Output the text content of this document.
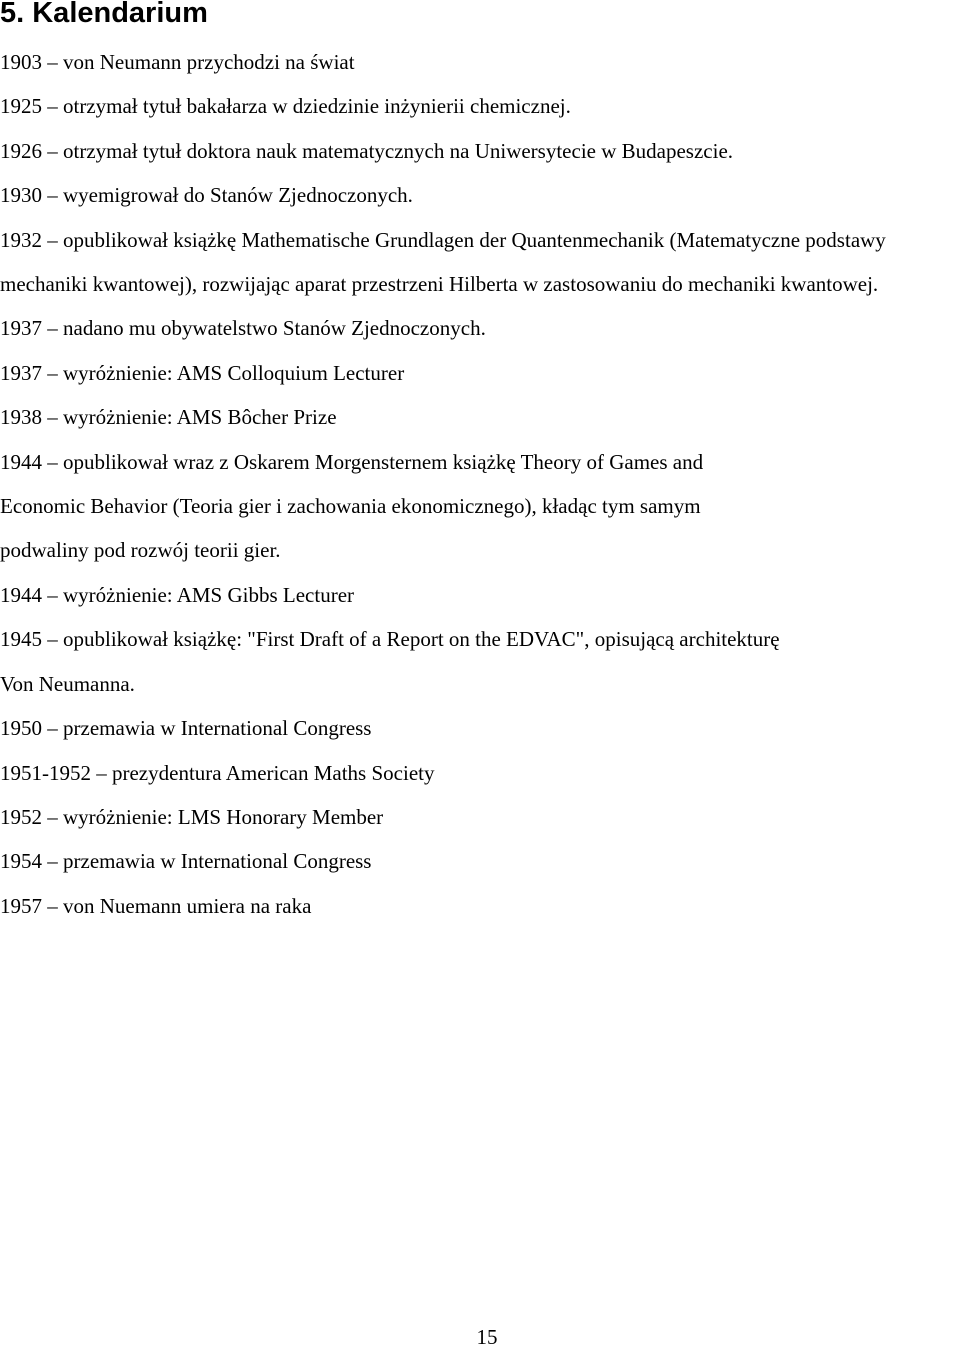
5. Kalendarium
1903 – von Neumann przychodzi na świat
1925 – otrzymał tytuł bakałarza w dziedzinie inżynierii chemicznej.
1926 – otrzymał tytuł doktora nauk matematycznych na Uniwersytecie w Budapeszcie.
1930 – wyemigrował do Stanów Zjednoczonych.
1932 – opublikował książkę Mathematische Grundlagen der Quantenmechanik (Matematyczne podstawy mechaniki kwantowej), rozwijając aparat przestrzeni Hilberta w zastosowaniu do mechaniki kwantowej.
1937 – nadano mu obywatelstwo Stanów Zjednoczonych.
1937 – wyróżnienie: AMS Colloquium Lecturer
1938 – wyróżnienie: AMS Bôcher Prize
1944 – opublikował wraz z Oskarem Morgensternem książkę Theory of Games and
Economic Behavior (Teoria gier i zachowania ekonomicznego), kładąc tym samym
podwaliny pod rozwój teorii gier.
1944 – wyróżnienie: AMS Gibbs Lecturer
1945 – opublikował książkę: "First Draft of a Report on the EDVAC", opisującą architekturę
Von Neumanna.
1950 – przemawia w International Congress
1951-1952 – prezydentura American Maths Society
1952 – wyróżnienie: LMS Honorary Member
1954 – przemawia w International Congress
1957 – von Nuemann umiera na raka
15
